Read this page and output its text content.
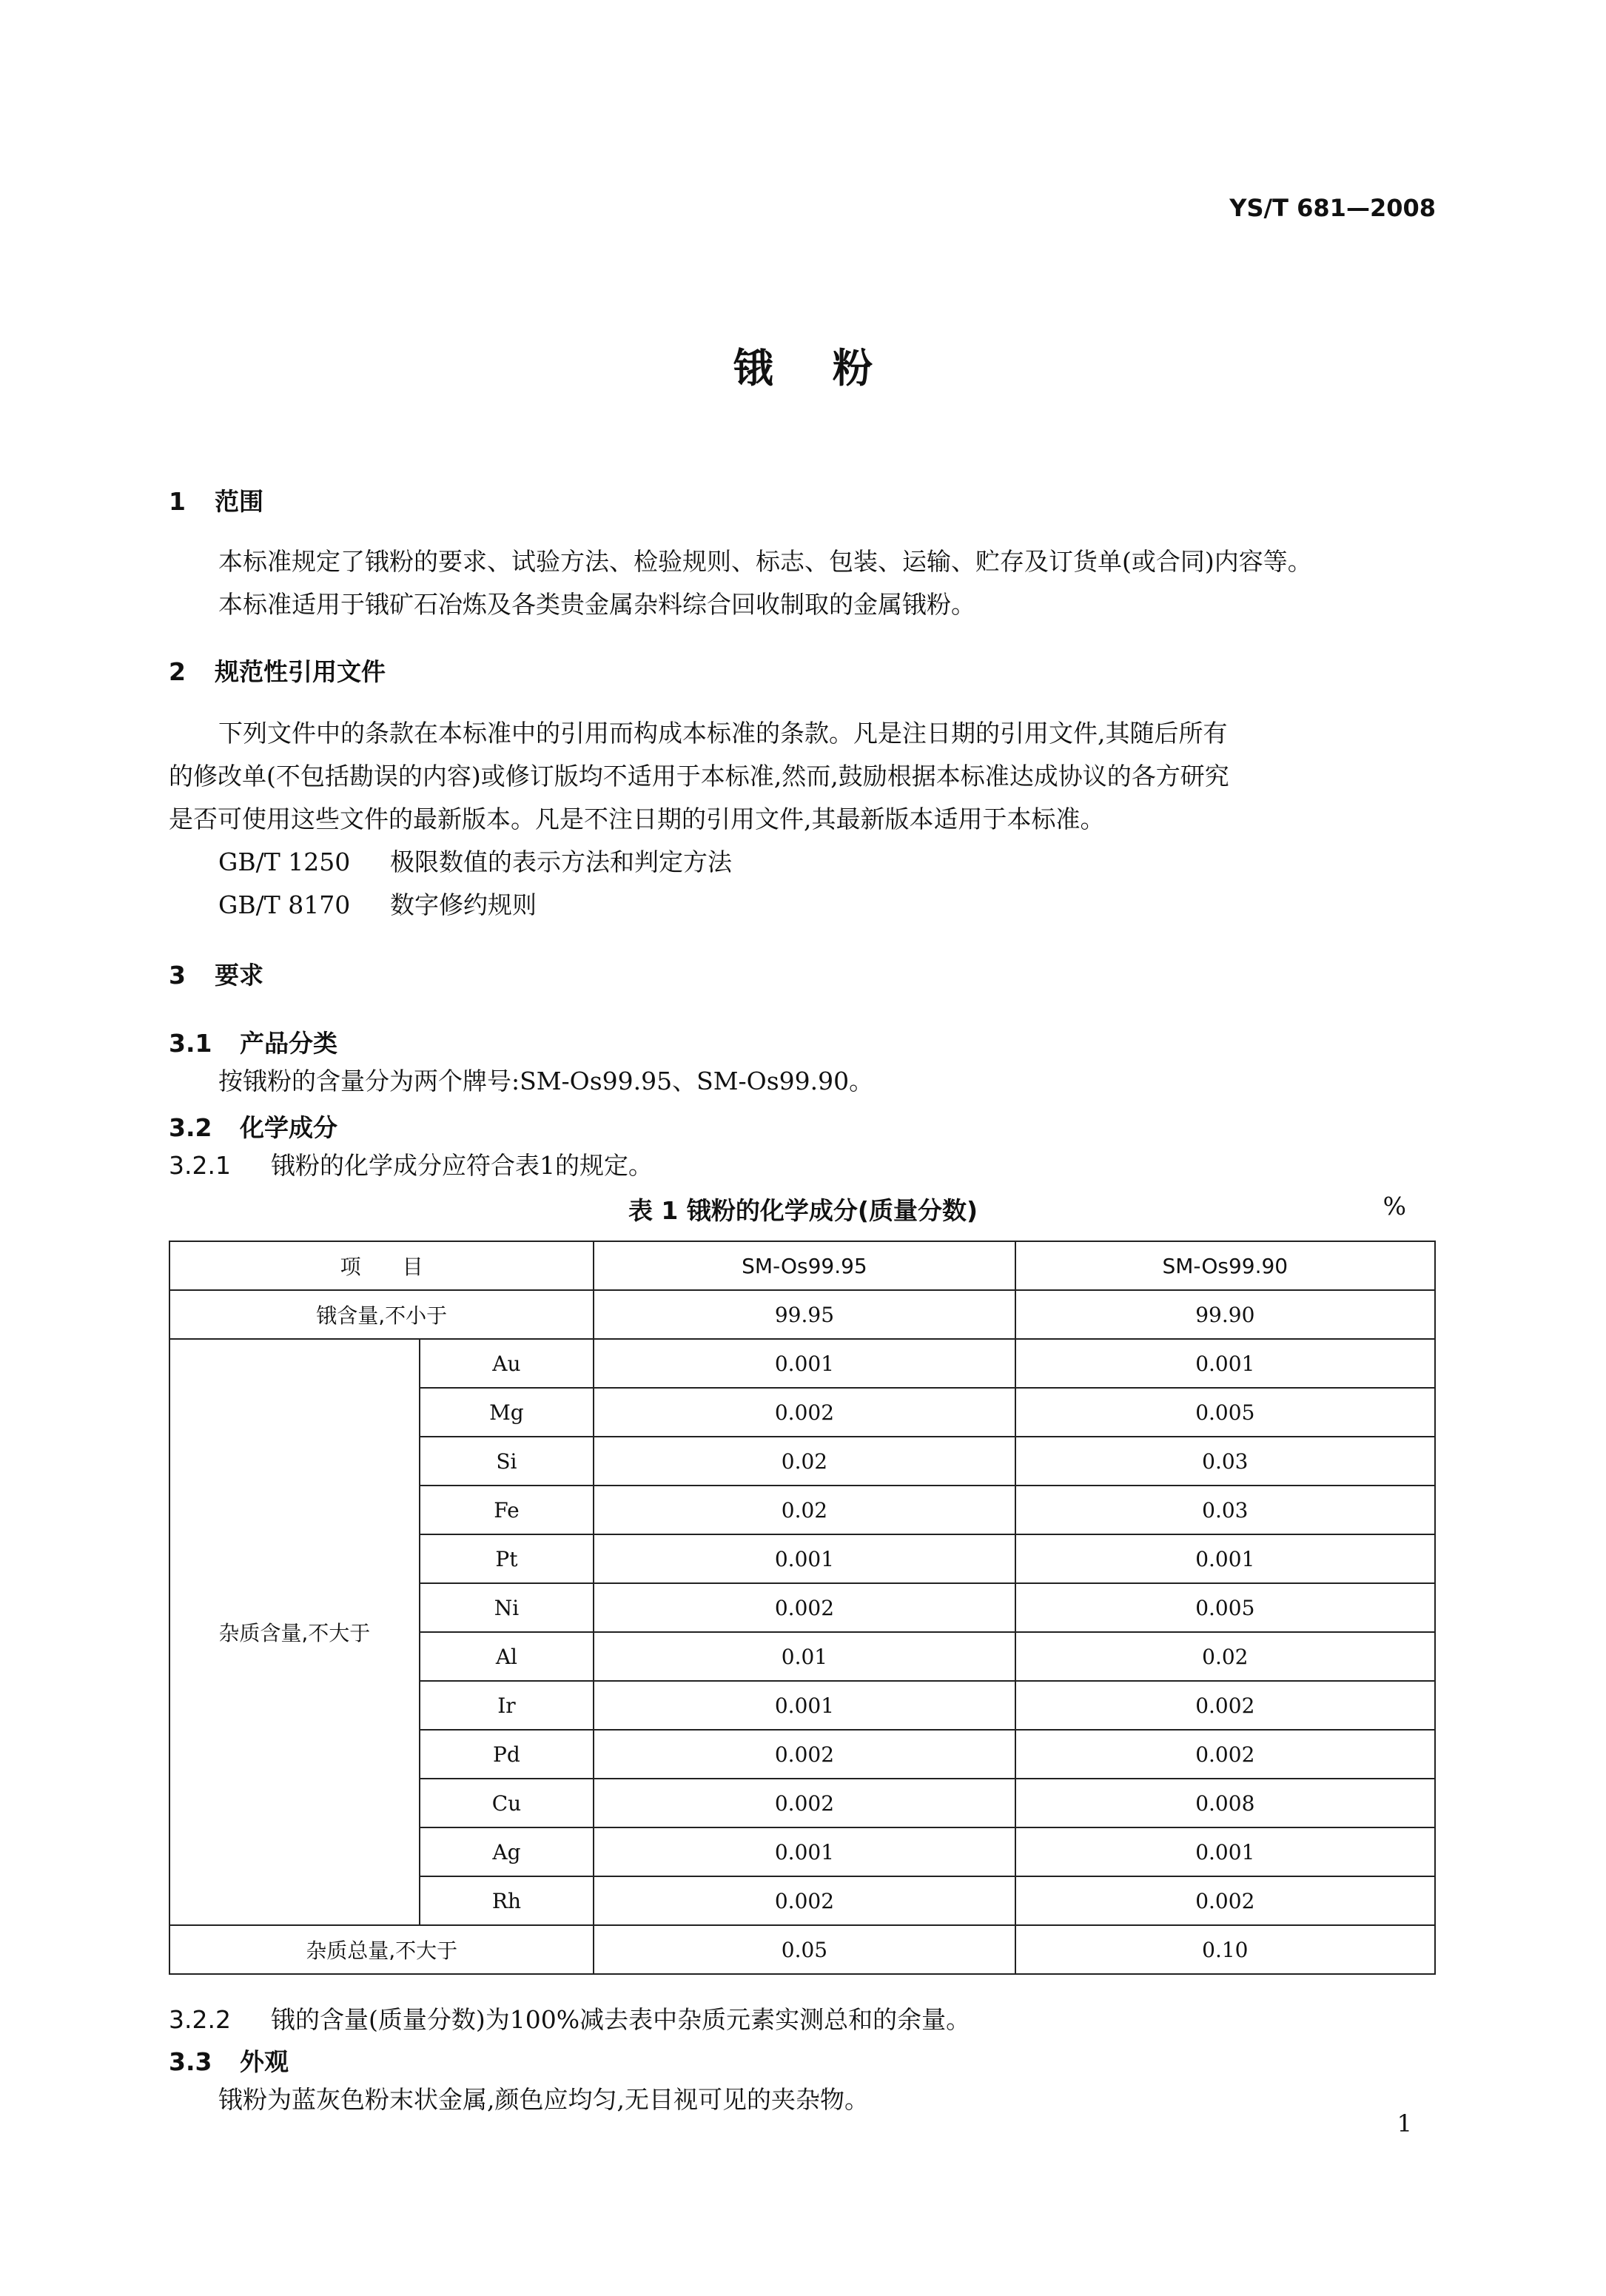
YS/T 681—2008
锇粉
1 范围
本标准规定了锇粉的要求、试验方法、检验规则、标志、包装、运输、贮存及订货单(或合同)内容等。
本标准适用于锇矿石冶炼及各类贵金属杂料综合回收制取的金属锇粉。
2 规范性引用文件
下列文件中的条款在本标准中的引用而构成本标准的条款。凡是注日期的引用文件,其随后所有
的修改单(不包括勘误的内容)或修订版均不适用于本标准,然而,鼓励根据本标准达成协议的各方研究
是否可使用这些文件的最新版本。凡是不注日期的引用文件,其最新版本适用于本标准。
GB/T 1250 极限数值的表示方法和判定方法
GB/T 8170 数字修约规则
3 要求
3.1 产品分类
按锇粉的含量分为两个牌号:SM-Os99.95、SM-Os99.90。
3.2 化学成分
3.2.1 锇粉的化学成分应符合表1的规定。
表 1 锇粉的化学成分(质量分数)	%
项　　目		SM-Os99.95	SM-Os99.90
锇含量,不小于		99.95	99.90
杂质含量,不大于	Au	0.001	0.001
	Mg	0.002	0.005
	Si	0.02	0.03
	Fe	0.02	0.03
	Pt	0.001	0.001
	Ni	0.002	0.005
	Al	0.01	0.02
	Ir	0.001	0.002
	Pd	0.002	0.002
	Cu	0.002	0.008
	Ag	0.001	0.001
	Rh	0.002	0.002
杂质总量,不大于		0.05	0.10
3.2.2 锇的含量(质量分数)为100%减去表中杂质元素实测总和的余量。
3.3 外观
锇粉为蓝灰色粉末状金属,颜色应均匀,无目视可见的夹杂物。
1
